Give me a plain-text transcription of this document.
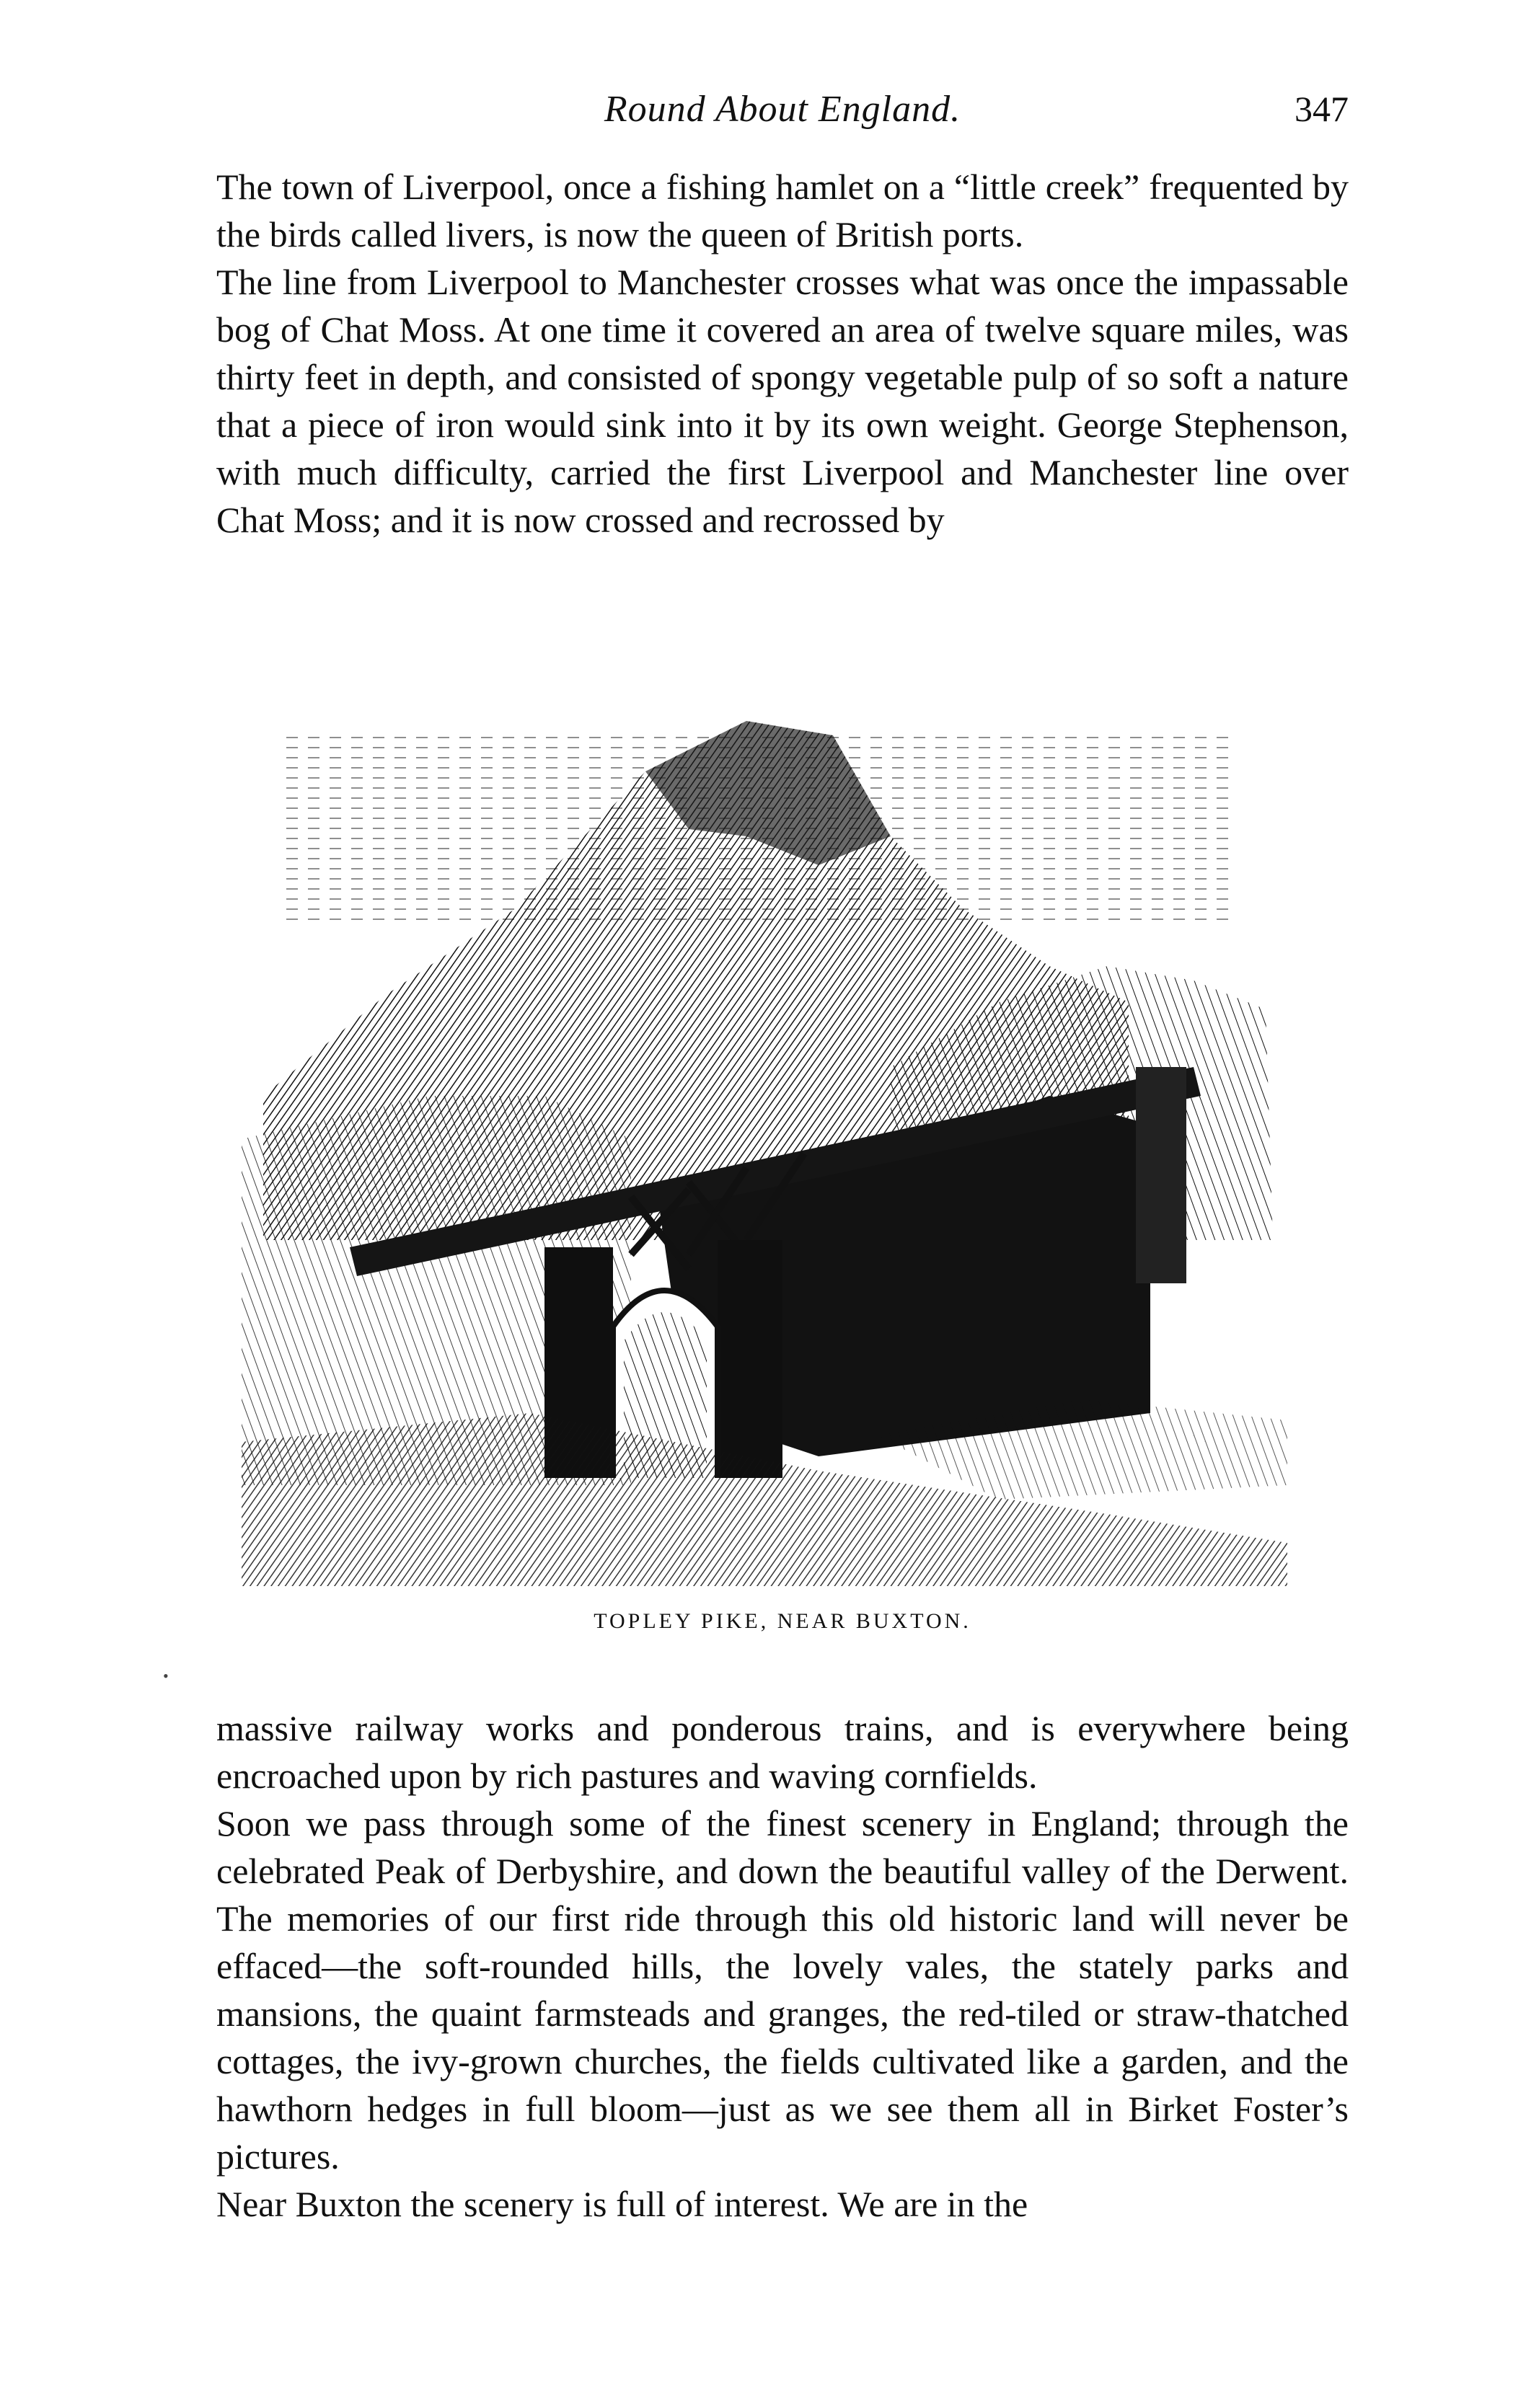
Round About England.	347

The town of Liverpool, once a fishing hamlet on a “little creek” frequented by the birds called livers, is now the queen of British ports.

The line from Liverpool to Manchester crosses what was once the impassable bog of Chat Moss. At one time it covered an area of twelve square miles, was thirty feet in depth, and consisted of spongy vegetable pulp of so soft a nature that a piece of iron would sink into it by its own weight. George Stephenson, with much difficulty, carried the first Liverpool and Manchester line over Chat Moss; and it is now crossed and recrossed by

TOPLEY PIKE, NEAR BUXTON.

massive railway works and ponderous trains, and is everywhere being encroached upon by rich pastures and waving cornfields.

Soon we pass through some of the finest scenery in England; through the celebrated Peak of Derbyshire, and down the beautiful valley of the Derwent. The memories of our first ride through this old historic land will never be effaced—the soft-rounded hills, the lovely vales, the stately parks and mansions, the quaint farmsteads and granges, the red-tiled or straw-thatched cottages, the ivy-grown churches, the fields cultivated like a garden, and the hawthorn hedges in full bloom—just as we see them all in Birket Foster’s pictures.

Near Buxton the scenery is full of interest. We are in the

•
